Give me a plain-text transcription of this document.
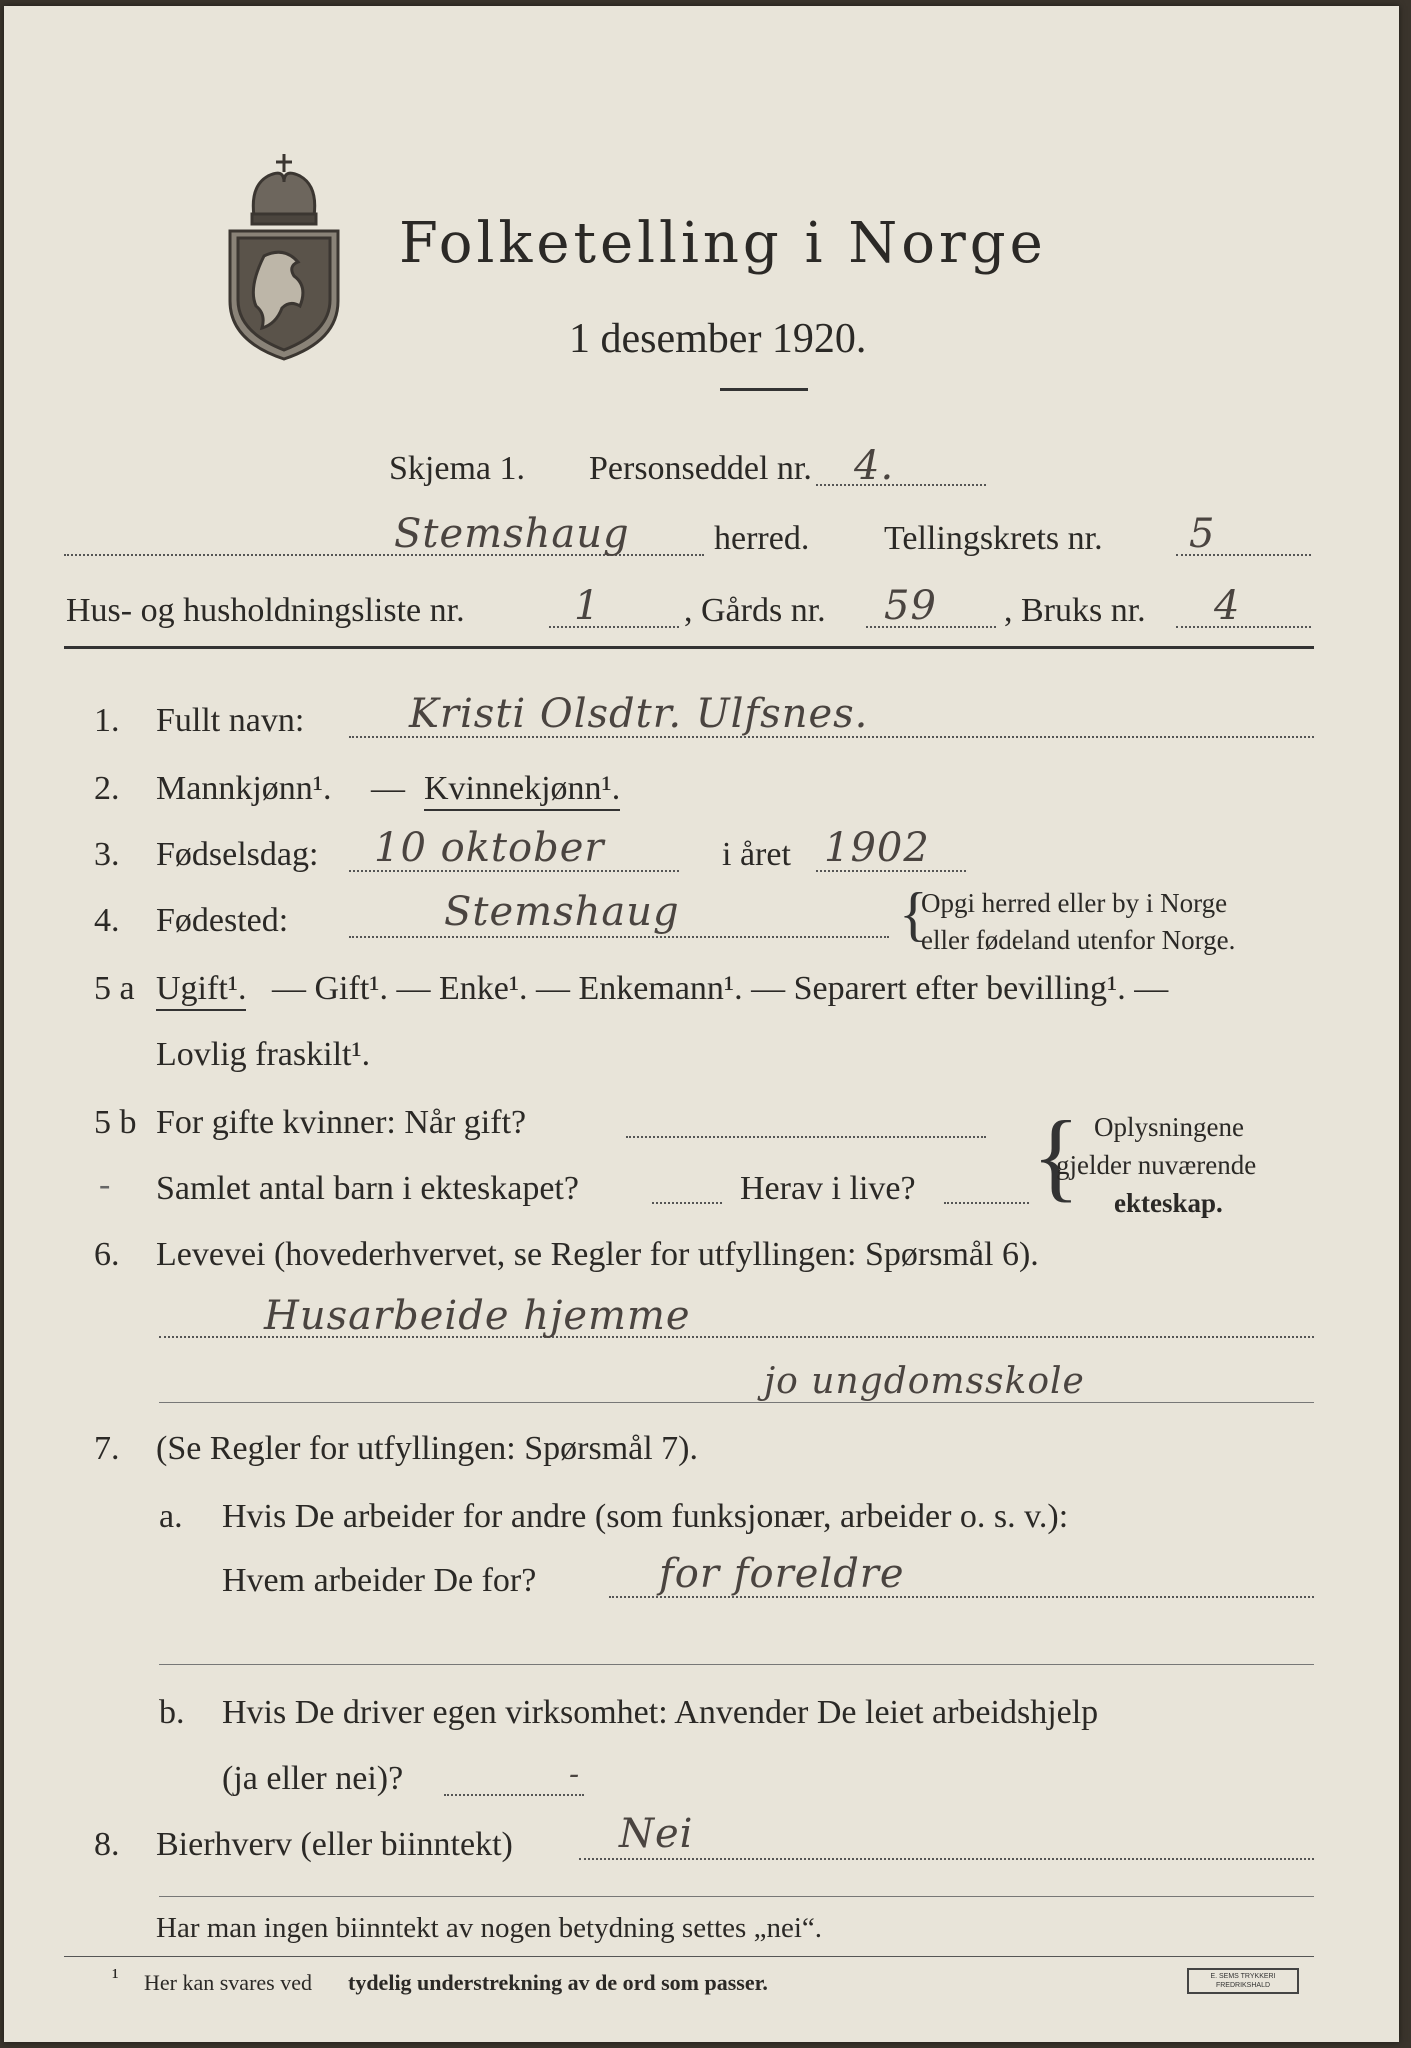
Folketelling i Norge
1 desember 1920.
Skjema 1. Personseddel nr. 4.
Stemshaug herred. Tellingskrets nr. 5
Hus- og husholdningsliste nr.	1 , Gårds nr. 59 , Bruks nr. 4
1. Fullt navn:	Kristi Olsdtr. Ulfsnes.
2. Mannkjønn¹. — Kvinnekjønn¹.
3. Fødselsdag: 10 oktober	i året 1902
4. Fødested:	Stemshaug	{
Opgi herred eller by i Norge
eller fødeland utenfor Norge.
5 a Ugift¹. — Gift¹. — Enke¹. — Enkemann¹. — Separert efter bevilling¹. —
Lovlig fraskilt¹.
5 b For gifte kvinner: Når gift?
- Samlet antal barn i ekteskapet?	Herav i live? { Oplysningene
gjelder nuværende
ekteskap.
6. Levevei (hovederhvervet, se Regler for utfyllingen: Spørsmål 6).
Husarbeide hjemme
jo ungdomsskole
7. (Se Regler for utfyllingen: Spørsmål 7).
a. Hvis De arbeider for andre (som funksjonær, arbeider o. s. v.):
Hvem arbeider De for?	for foreldre
b. Hvis De driver egen virksomhet: Anvender De leiet arbeidshjelp
(ja eller nei)?	-
8. Bierhverv (eller biinntekt)	Nei
Har man ingen biinntekt av nogen betydning settes „nei“.
¹ Her kan svares ved tydelig understrekning av de ord som passer.	E. SEMS TRYKKERI
FREDRIKSHALD
